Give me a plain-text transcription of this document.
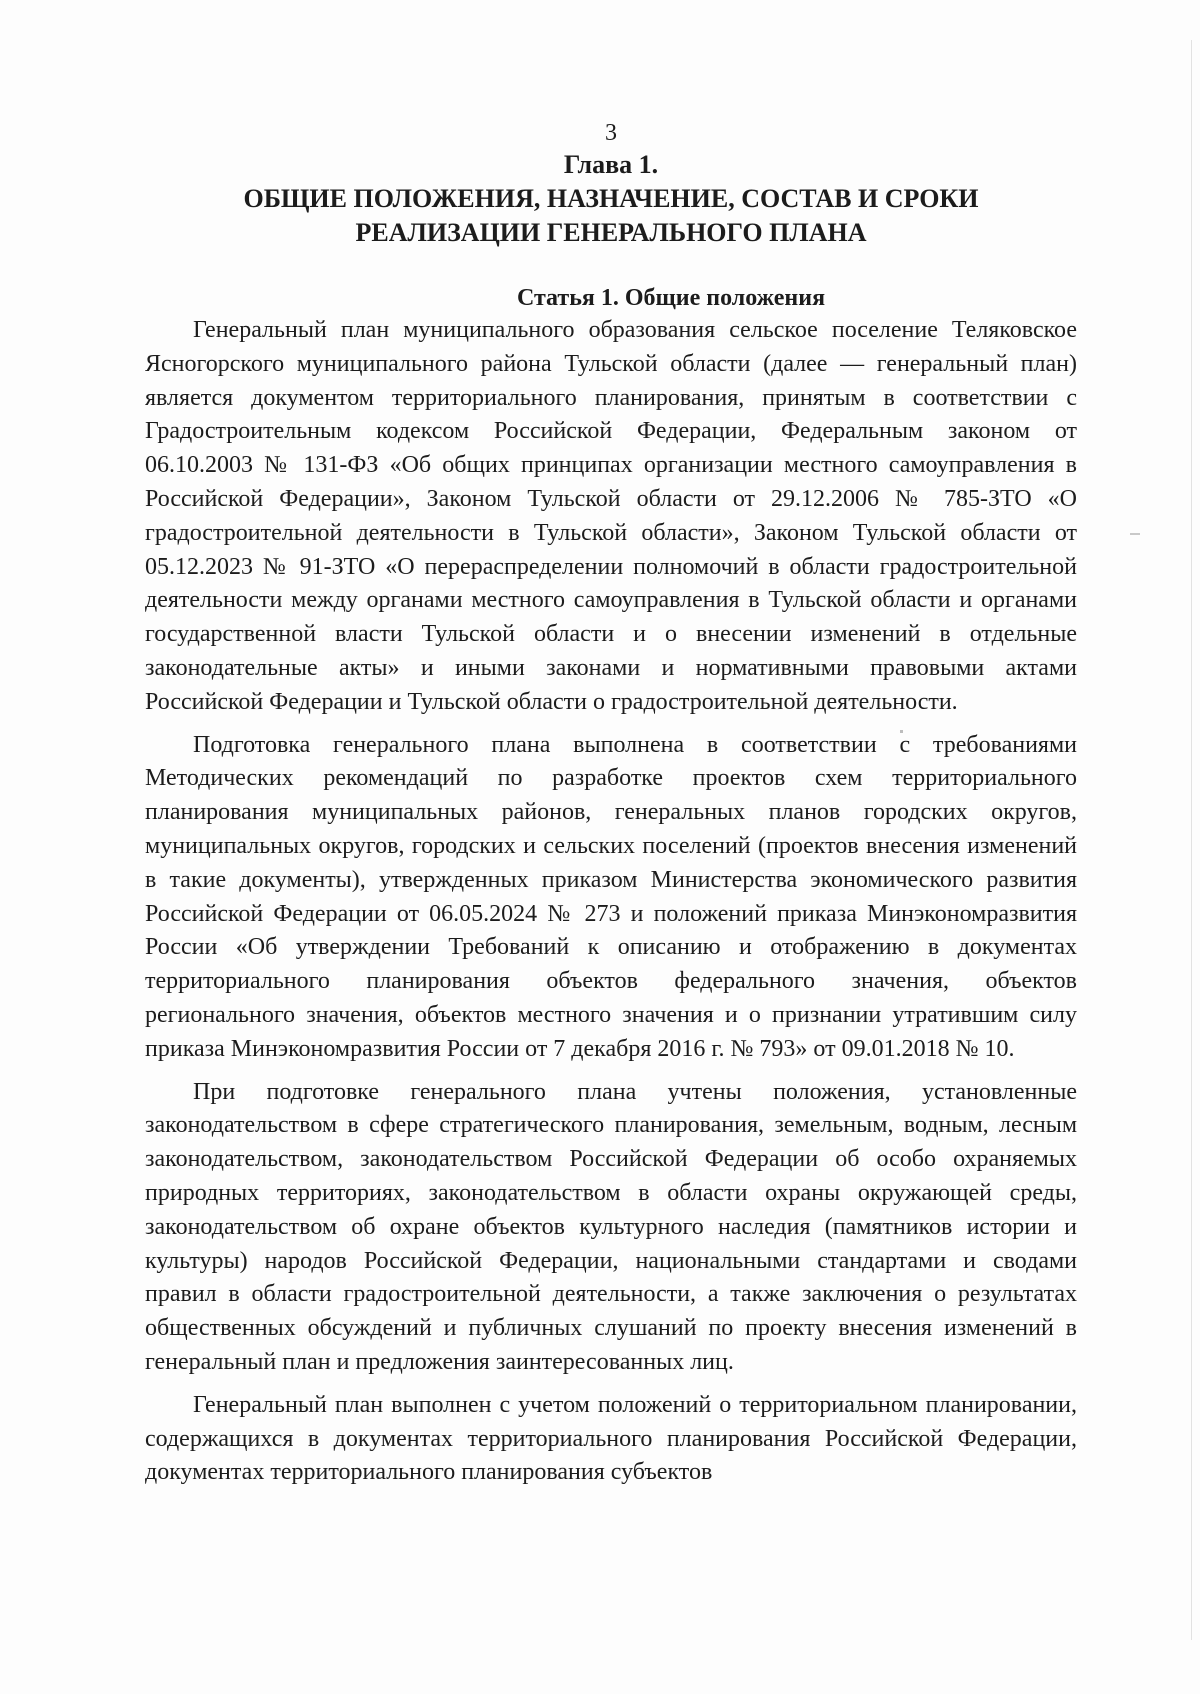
3

Глава 1.
ОБЩИЕ ПОЛОЖЕНИЯ, НАЗНАЧЕНИЕ, СОСТАВ И СРОКИ РЕАЛИЗАЦИИ ГЕНЕРАЛЬНОГО ПЛАНА
Статья 1. Общие положения

Генеральный план муниципального образования сельское поселение Теляковское Ясногорского муниципального района Тульской области (далее — генеральный план) является документом территориального планирования, принятым в соответствии с Градостроительным кодексом Российской Федерации, Федеральным законом от 06.10.2003 № 131-ФЗ «Об общих принципах организации местного самоуправления в Российской Федерации», Законом Тульской области от 29.12.2006 № 785-ЗТО «О градостроительной деятельности в Тульской области», Законом Тульской области от 05.12.2023 № 91-ЗТО «О перераспределении полномочий в области градостроительной деятельности между органами местного самоуправления в Тульской области и органами государственной власти Тульской области и о внесении изменений в отдельные законодательные акты» и иными законами и нормативными правовыми актами Российской Федерации и Тульской области о градостроительной деятельности.

Подготовка генерального плана выполнена в соответствии с требованиями Методических рекомендаций по разработке проектов схем территориального планирования муниципальных районов, генеральных планов городских округов, муниципальных округов, городских и сельских поселений (проектов внесения изменений в такие документы), утвержденных приказом Министерства экономического развития Российской Федерации от 06.05.2024 № 273 и положений приказа Минэкономразвития России «Об утверждении Требований к описанию и отображению в документах территориального планирования объектов федерального значения, объектов регионального значения, объектов местного значения и о признании утратившим силу приказа Минэкономразвития России от 7 декабря 2016 г. № 793» от 09.01.2018 № 10.

При подготовке генерального плана учтены положения, установленные законодательством в сфере стратегического планирования, земельным, водным, лесным законодательством, законодательством Российской Федерации об особо охраняемых природных территориях, законодательством в области охраны окружающей среды, законодательством об охране объектов культурного наследия (памятников истории и культуры) народов Российской Федерации, национальными стандартами и сводами правил в области градостроительной деятельности, а также заключения о результатах общественных обсуждений и публичных слушаний по проекту внесения изменений в генеральный план и предложения заинтересованных лиц.

Генеральный план выполнен с учетом положений о территориальном планировании, содержащихся в документах территориального планирования Российской Федерации, документах территориального планирования субъектов
